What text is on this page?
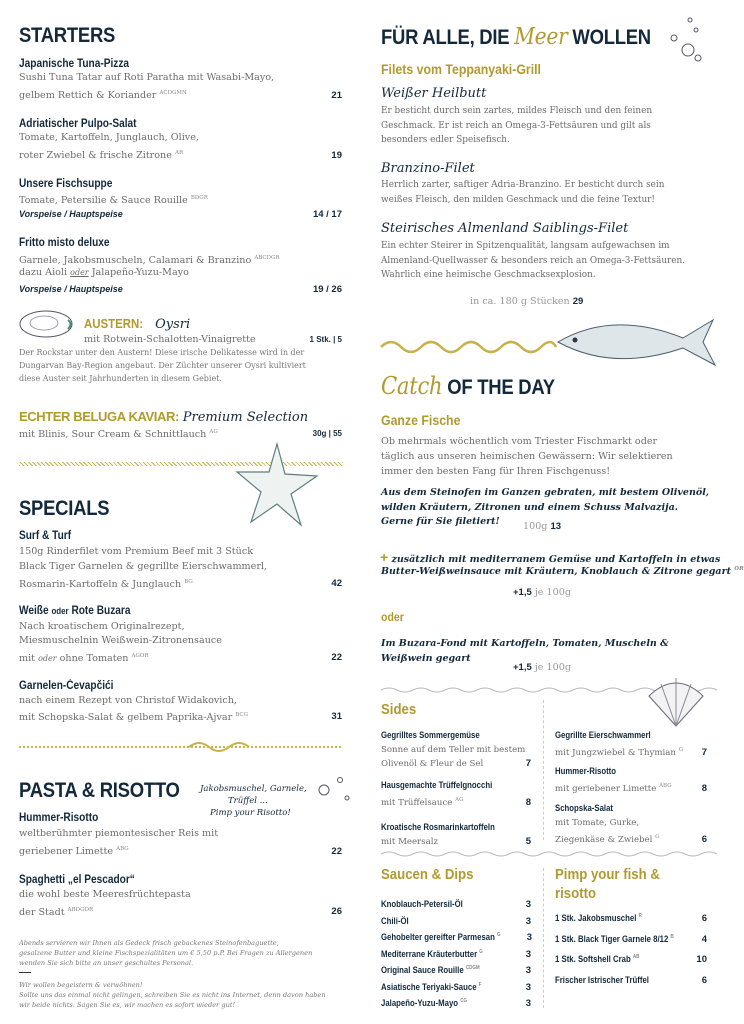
STARTERS
Japanische Tuna-Pizza
Sushi Tuna Tatar auf Roti Paratha mit Wasabi-Mayo,
gelbem Rettich & Koriander $^{ACDGMN}$	21
Adriatischer Pulpo-Salat
Tomate, Kartoffeln, Junglauch, Olive,
roter Zwiebel & frische Zitrone $^{AR}$	19
Unsere Fischsuppe
Tomate, Petersilie & Sauce Rouille $^{BDGR}$
Vorspeise / Hauptspeise	14 / 17
Fritto misto deluxe
Garnele, Jakobsmuscheln, Calamari & Branzino $^{ABCDGR}$
dazu Aioli oder Jalapeño-Yuzu-Mayo
Vorspeise / Hauptspeise	19 / 26
AUSTERN: Oysri
mit Rotwein-Schalotten-Vinaigrette	1 Stk. | 5
Der Rockstar unter den Austern! Diese irische Delikatesse wird in der
Dungarvan Bay-Region angebaut. Der Züchter unserer Oysri kultiviert
diese Auster seit Jahrhunderten in diesem Gebiet.
ECHTER BELUGA KAVIAR: Premium Selection
mit Blinis, Sour Cream & Schnittlauch $^{AG}$	30g | 55
SPECIALS
Surf & Turf
150g Rinderfilet vom Premium Beef mit 3 Stück
Black Tiger Garnelen & gegrillte Eierschwammerl,
Rosmarin-Kartoffeln & Junglauch $^{BG}$	42
Weiße oder Rote Buzara
Nach kroatischem Originalrezept,
Miesmuschelnin Weißwein-Zitronensauce
mit oder ohne Tomaten $^{AGOR}$	22
Garnelen-Ćevapčići
nach einem Rezept von Christof Widakovich,
mit Schopska-Salat & gelbem Paprika-Ajvar $^{BCG}$	31
PASTA & RISOTTO Jakobsmuschel, Garnele,
Trüffel ...
Pimp your Risotto!
Hummer-Risotto
weltberühmter piemontesischer Reis mit
geriebener Limette $^{ABG}$	22
Spaghetti „el Pescador“
die wohl beste Meeresfrüchtepasta
der Stadt $^{ABDGOR}$	26
Abends servieren wir Ihnen als Gedeck frisch gebackenes Steinofenbaguette,
gesalzene Butter und kleine Fischspezialitäten um € 5,50 p.P. Bei Fragen zu Allergenen
wenden Sie sich bitte an unser geschultes Personal.
Wir wollen begeistern & verwöhnen!
Sollte uns das einmal nicht gelingen, schreiben Sie es nicht ins Internet, denn davon haben
wir beide nichts. Sagen Sie es, wir machen es sofort wieder gut!
FÜR ALLE, DIE Meer WOLLEN
Filets vom Teppanyaki-Grill
Weißer Heilbutt
Er besticht durch sein zartes, mildes Fleisch und den feinen
Geschmack. Er ist reich an Omega-3-Fettsäuren und gilt als
besonders edler Speisefisch.
Branzino-Filet
Herrlich zarter, saftiger Adria-Branzino. Er besticht durch sein
weißes Fleisch, den milden Geschmack und die feine Textur!
Steirisches Almenland Saiblings-Filet
Ein echter Steirer in Spitzenqualität, langsam aufgewachsen im
Almenland-Quellwasser & besonders reich an Omega-3-Fettsäuren.
Wahrlich eine heimische Geschmacksexplosion.
in ca. 180 g Stücken 29
Catch OF THE DAY
Ganze Fische
Ob mehrmals wöchentlich vom Triester Fischmarkt oder
täglich aus unseren heimischen Gewässern: Wir selektieren
immer den besten Fang für Ihren Fischgenuss!
Aus dem Steinofen im Ganzen gebraten, mit bestem Olivenöl,
wilden Kräutern, Zitronen und einem Schuss Malvazija.
Gerne für Sie filetiert! 100g 13
+ zusätzlich mit mediterranem Gemüse und Kartoffeln in etwas
Butter-Weißweinsauce mit Kräutern, Knoblauch & Zitrone gegart $^{OR}$
+1,5 je 100g
oder
Im Buzara-Fond mit Kartoffeln, Tomaten, Muscheln &
Weißwein gegart
+1,5 je 100g
Sides
Gegrilltes Sommergemüse
Sonne auf dem Teller mit bestem
Olivenöl & Fleur de Sel	7
Hausgemachte Trüffelgnocchi
mit Trüffelsauce $^{AG}$	8
Kroatische Rosmarinkartoffeln
mit Meersalz	5
Gegrillte Eierschwammerl
mit Jungzwiebel & Thymian $^G$ 7
Hummer-Risotto
mit geriebener Limette $^{ABG}$	8
Schopska-Salat
mit Tomate, Gurke,
Ziegenkäse & Zwiebel $^G$	6
Saucen & Dips
Knoblauch-Petersil-Öl	3
Chili-Öl	3
Gehobelter gereifter Parmesan $^G$	3
Mediterrane Kräuterbutter $^G$	3
Original Sauce Rouille $^{CDGM}$	3
Asiatische Teriyaki-Sauce $^F$	3
Jalapeño-Yuzu-Mayo $^{CG}$	3
Pimp your fish &
risotto
1 Stk. Jakobsmuschel $^R$	6
1 Stk. Black Tiger Garnele 8/12 $^B$	4
1 Stk. Softshell Crab $^{AB}$	10
Frischer Istrischer Trüffel	6
